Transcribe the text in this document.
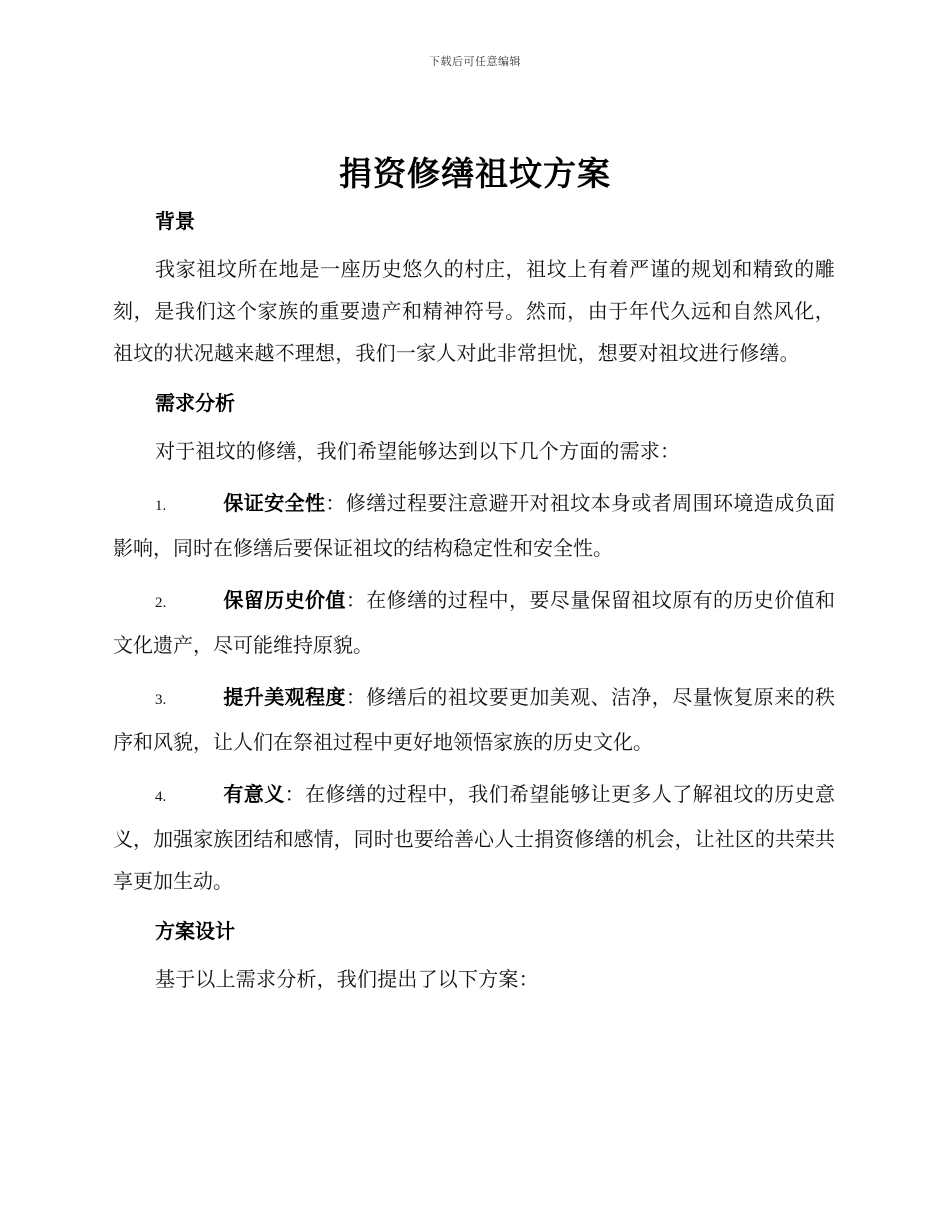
下载后可任意编辑
捐资修缮祖坟方案
背景

我家祖坟所在地是一座历史悠久的村庄，祖坟上有着严谨的规划和精致的雕刻，是我们这个家族的重要遗产和精神符号。然而，由于年代久远和自然风化，祖坟的状况越来越不理想，我们一家人对此非常担忧，想要对祖坟进行修缮。

需求分析

对于祖坟的修缮，我们希望能够达到以下几个方面的需求：

1.	保证安全性：修缮过程要注意避开对祖坟本身或者周围环境造成负面影响，同时在修缮后要保证祖坟的结构稳定性和安全性。

2.	保留历史价值：在修缮的过程中，要尽量保留祖坟原有的历史价值和文化遗产，尽可能维持原貌。

3.	提升美观程度：修缮后的祖坟要更加美观、洁净，尽量恢复原来的秩序和风貌，让人们在祭祖过程中更好地领悟家族的历史文化。

4.	有意义：在修缮的过程中，我们希望能够让更多人了解祖坟的历史意义，加强家族团结和感情，同时也要给善心人士捐资修缮的机会，让社区的共荣共享更加生动。

方案设计

基于以上需求分析，我们提出了以下方案：
